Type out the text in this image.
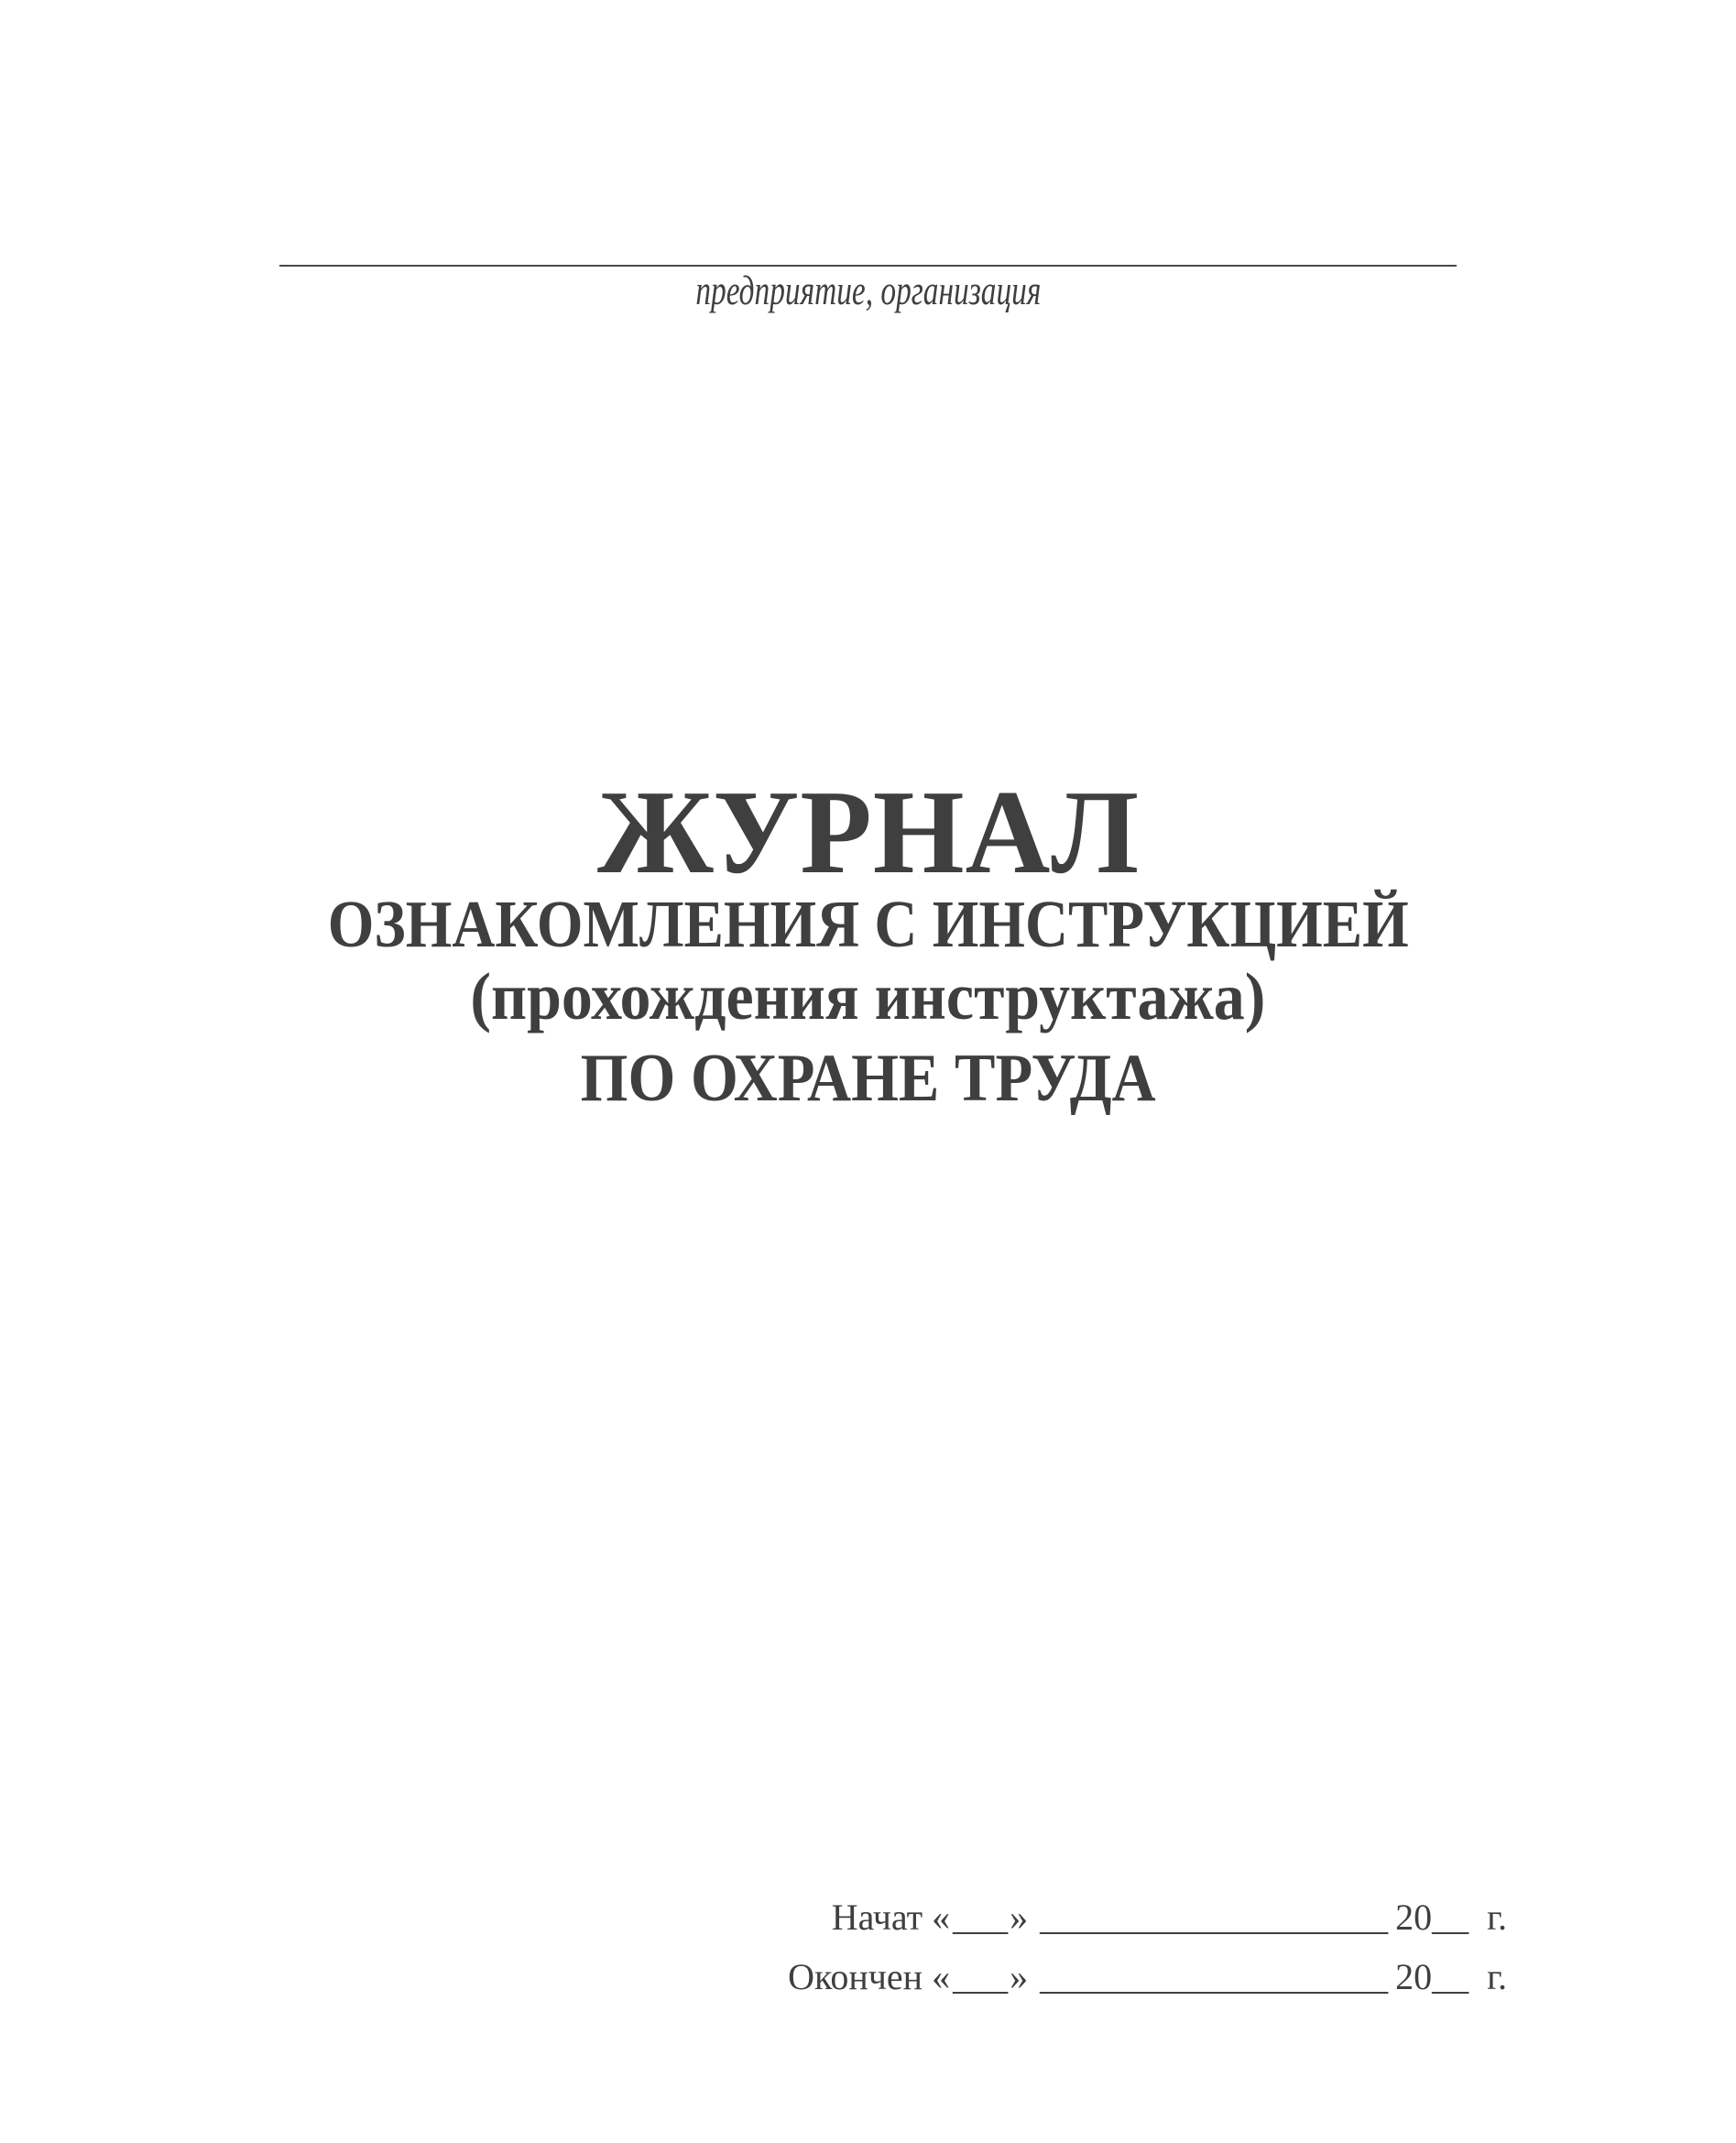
предприятие, организация
ЖУРНАЛ
ОЗНАКОМЛЕНИЯ С ИНСТРУКЦИЕЙ
(прохождения инструктажа)
ПО ОХРАНЕ ТРУДА
Начат « ___ » ___________________ 20 __ г.
Окончен « ___ » ___________________ 20 __ г.
